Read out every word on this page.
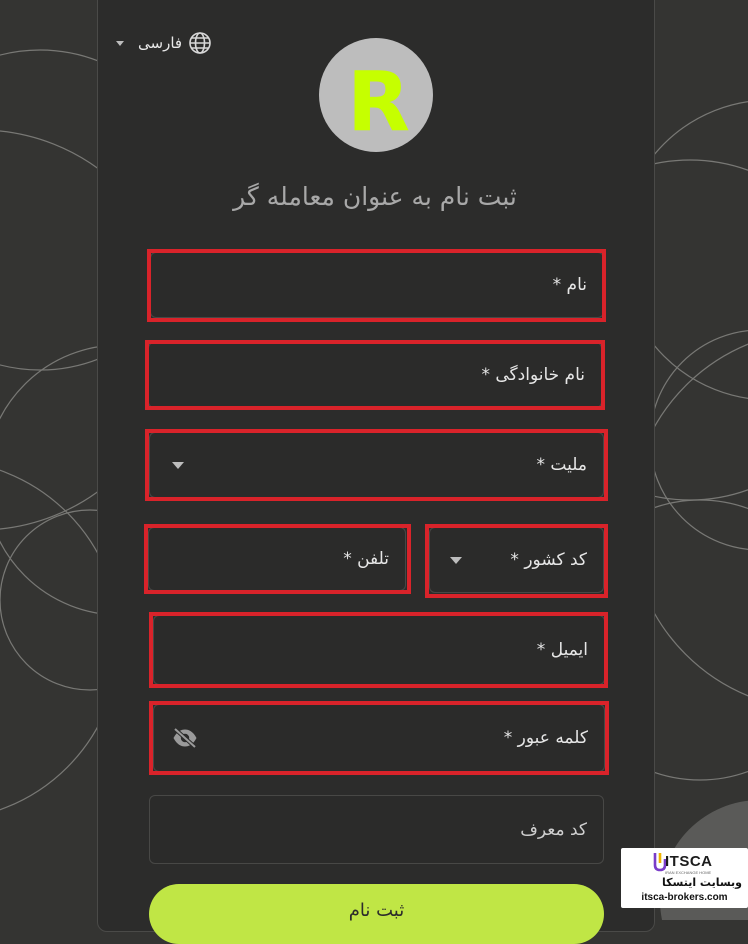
فارسی
R
ثبت نام به عنوان معامله گر
نام *
نام خانوادگی *
ملیت *
تلفن *	کد کشور *
ایمیل *
کلمه عبور *
کد معرف
ثبت نام
ITSCA
IRAN EXCHANGE HOME
وبسایت ایتسکا
itsca-brokers.com
